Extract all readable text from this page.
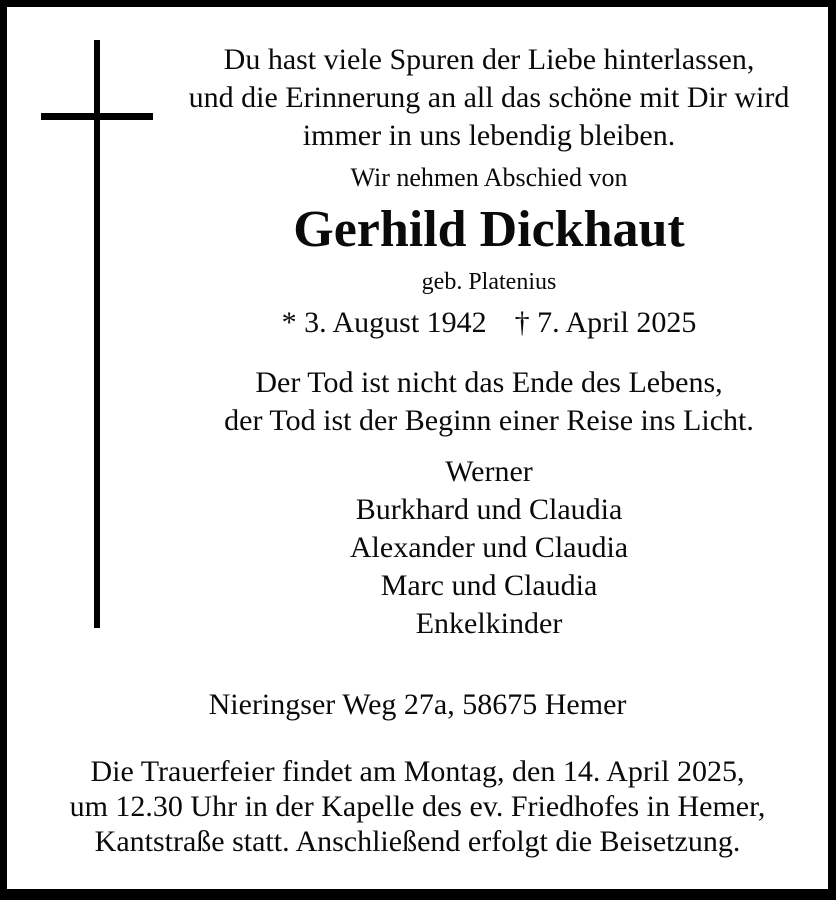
Du hast viele Spuren der Liebe hinterlassen,
und die Erinnerung an all das schöne mit Dir wird
immer in uns lebendig bleiben.
Wir nehmen Abschied von
Gerhild Dickhaut
geb. Platenius
* 3. August 1942 † 7. April 2025
Der Tod ist nicht das Ende des Lebens,
der Tod ist der Beginn einer Reise ins Licht.
Werner
Burkhard und Claudia
Alexander und Claudia
Marc und Claudia
Enkelkinder
Nieringser Weg 27a, 58675 Hemer
Die Trauerfeier findet am Montag, den 14. April 2025,
um 12.30 Uhr in der Kapelle des ev. Friedhofes in Hemer,
Kantstraße statt. Anschließend erfolgt die Beisetzung.
